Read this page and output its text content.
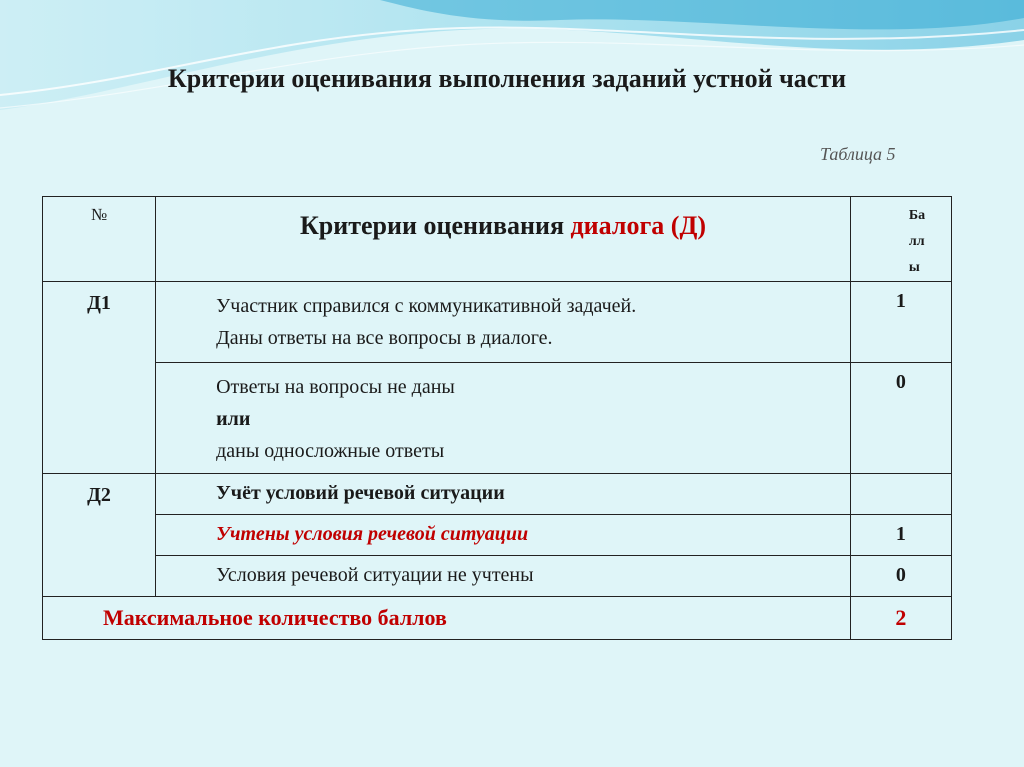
Критерии оценивания выполнения заданий устной части
Таблица 5
№	Критерии оценивания диалога (Д)	Ба
лл
ы

Д1	Участник справился с коммуникативной задачей.
Даны ответы на все вопросы в диалоге.	1

	Ответы на вопросы не даны
или
даны односложные ответы	0
Д2	Учёт условий речевой ситуации	
	Учтены условия речевой ситуации	1
	Условия речевой ситуации не учтены	0
Максимальное количество баллов		2
